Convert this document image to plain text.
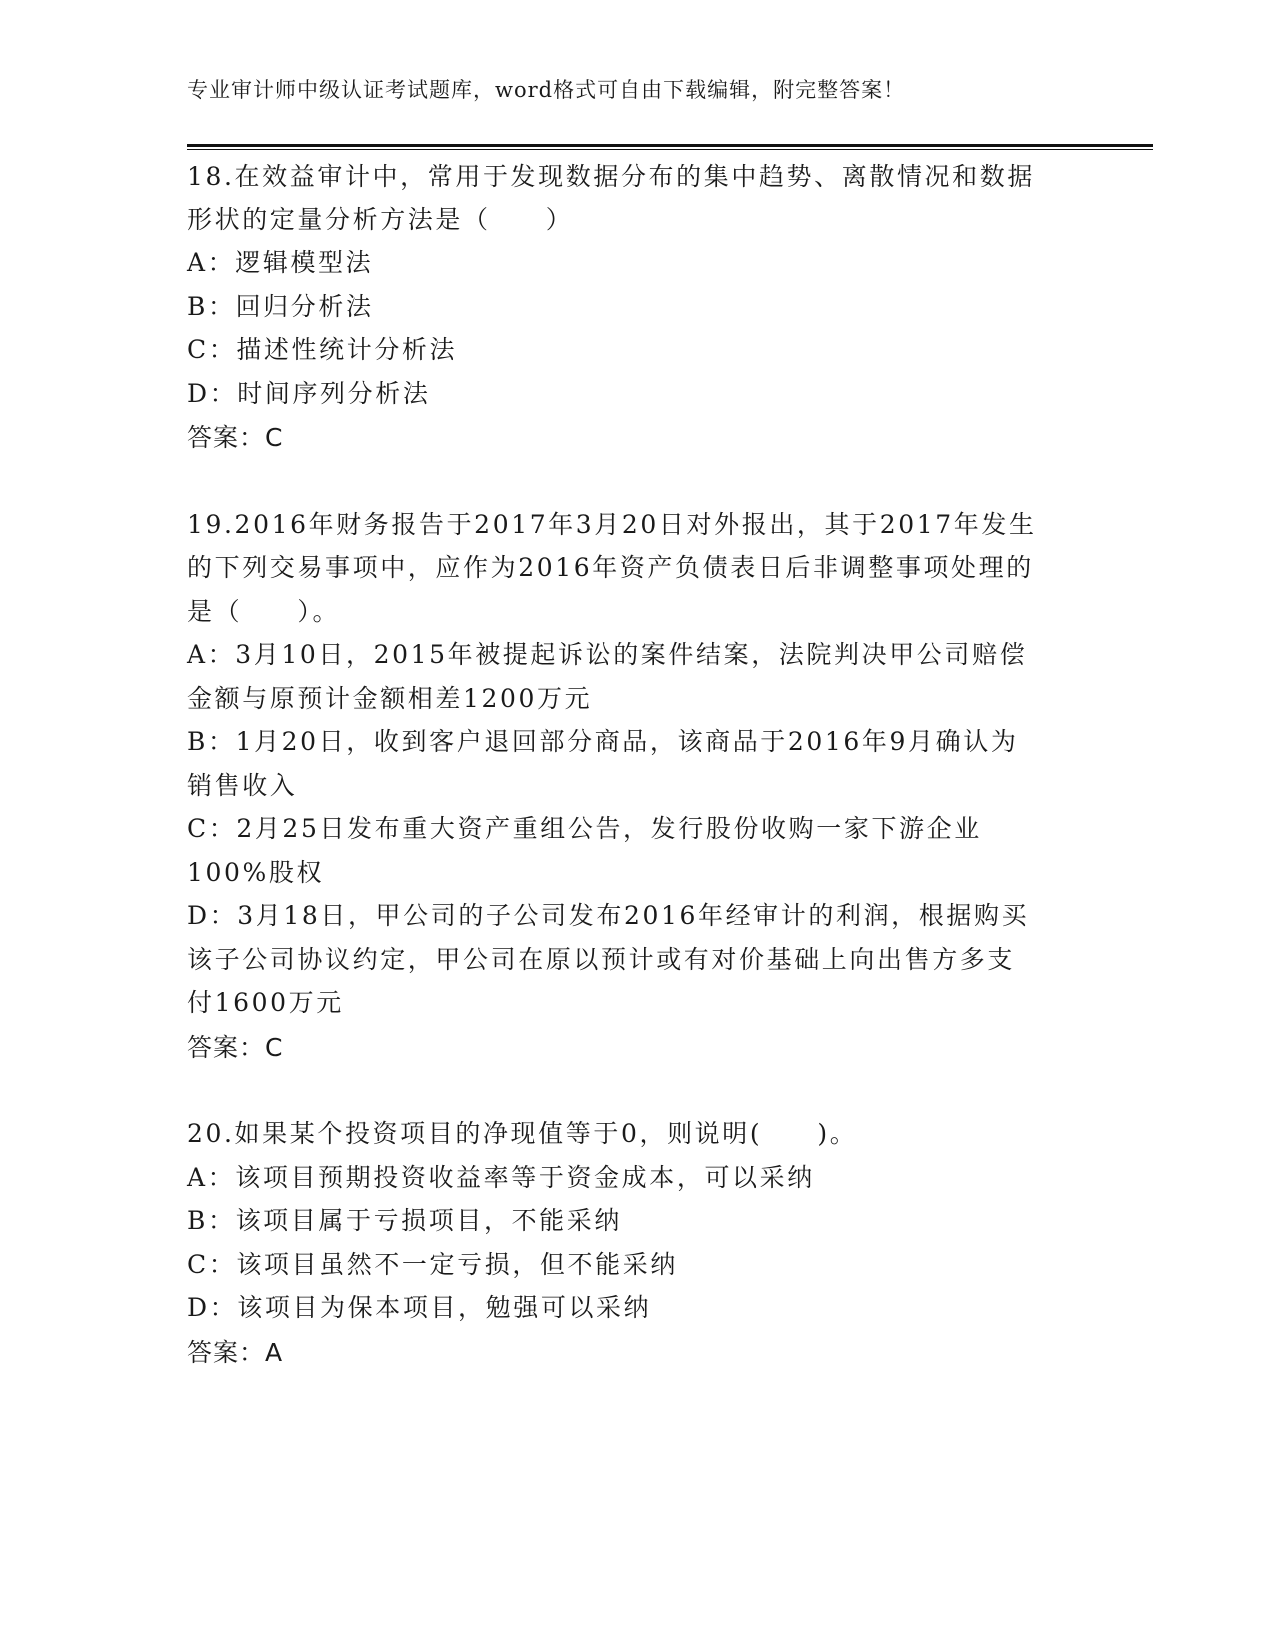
专业审计师中级认证考试题库，word格式可自由下载编辑，附完整答案！
18.在效益审计中，常用于发现数据分布的集中趋势、离散情况和数据
形状的定量分析方法是（　　）
A：逻辑模型法
B：回归分析法
C：描述性统计分析法
D：时间序列分析法
答案：C
19.2016年财务报告于2017年3月20日对外报出，其于2017年发生
的下列交易事项中，应作为2016年资产负债表日后非调整事项处理的
是（　　）。
A：3月10日，2015年被提起诉讼的案件结案，法院判决甲公司赔偿
金额与原预计金额相差1200万元
B：1月20日，收到客户退回部分商品，该商品于2016年9月确认为
销售收入
C：2月25日发布重大资产重组公告，发行股份收购一家下游企业
100%股权
D：3月18日，甲公司的子公司发布2016年经审计的利润，根据购买
该子公司协议约定，甲公司在原以预计或有对价基础上向出售方多支
付1600万元
答案：C
20.如果某个投资项目的净现值等于0，则说明(　　)。
A：该项目预期投资收益率等于资金成本，可以采纳
B：该项目属于亏损项目，不能采纳
C：该项目虽然不一定亏损，但不能采纳
D：该项目为保本项目，勉强可以采纳
答案：A
